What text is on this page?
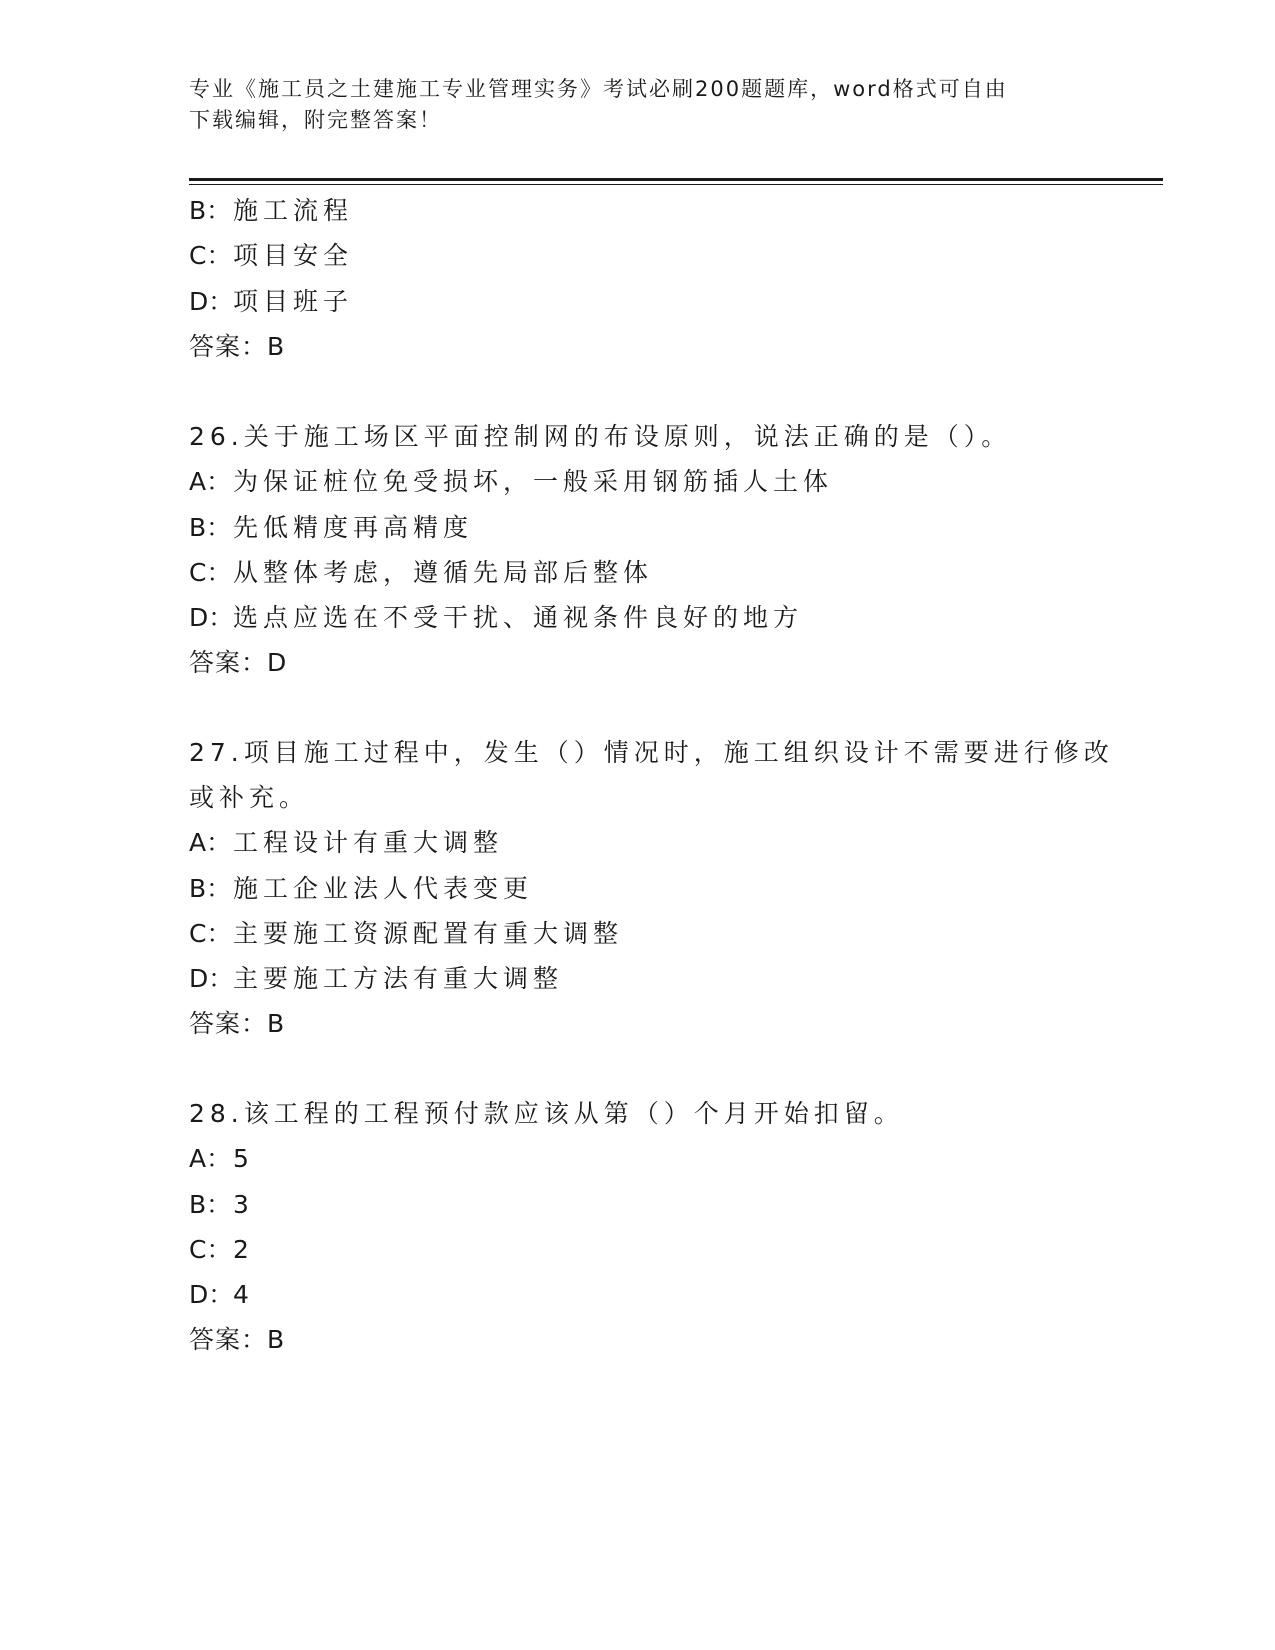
专业《施工员之土建施工专业管理实务》考试必刷200题题库，word格式可自由
下载编辑，附完整答案！
B：施工流程
C：项目安全
D：项目班子
答案：B
26.关于施工场区平面控制网的布设原则，说法正确的是（）。
A：为保证桩位免受损坏，一般采用钢筋插人土体
B：先低精度再高精度
C：从整体考虑，遵循先局部后整体
D：选点应选在不受干扰、通视条件良好的地方
答案：D
27.项目施工过程中，发生（）情况时，施工组织设计不需要进行修改
或补充。
A：工程设计有重大调整
B：施工企业法人代表变更
C：主要施工资源配置有重大调整
D：主要施工方法有重大调整
答案：B
28.该工程的工程预付款应该从第（）个月开始扣留。
A：5
B：3
C：2
D：4
答案：B
